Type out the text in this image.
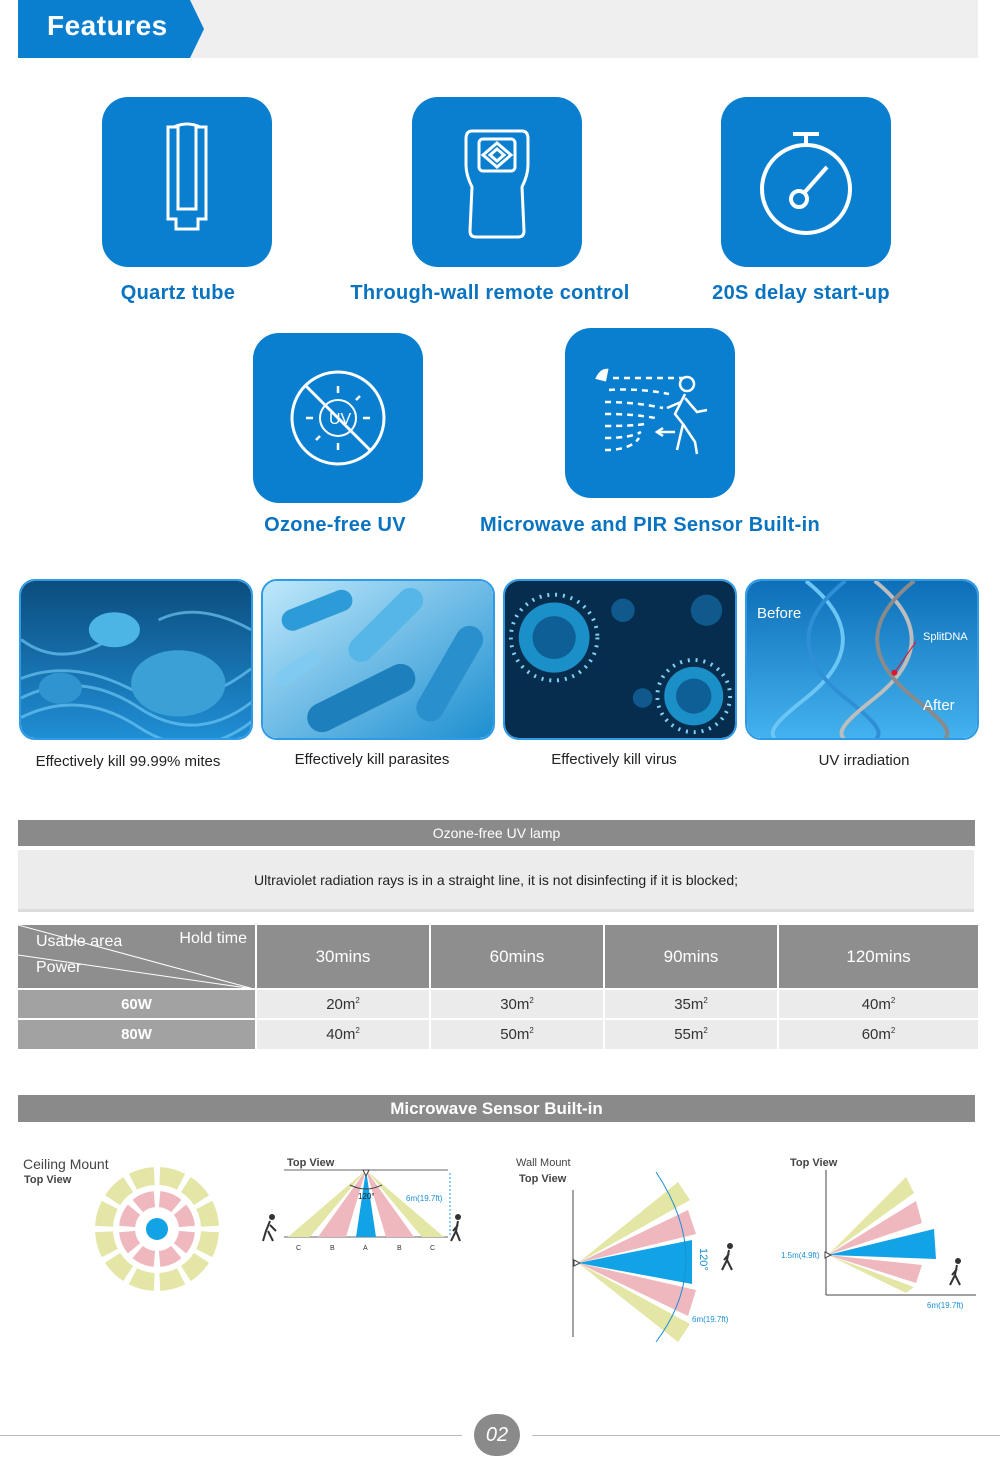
Features
Quartz tube	Through-wall remote control	20S delay start-up
UV
Ozone-free UV	Microwave and PIR Sensor Built-in
Effectively kill 99.99% mites	Effectively kill parasites	Effectively kill virus
Before
SplitDNA
After
UV irradiation
Ozone-free UV lamp
Ultraviolet radiation rays is in a straight line, it is not disinfecting if it is blocked;
Usable area Hold time
Power	30mins	60mins	90mins	120mins
60W	$20m^2$	$30m^2$	$35m^2$	$40m^2$
80W	$40m^2$	$50m^2$	$55m^2$	$60m^2$
Microwave Sensor Built-in
Ceiling Mount
Top View
Top View
120°	6m(19.7ft)
C	B	A	B	C
Wall Mount
Top View
120°
6m(19.7ft)
Top View
1.5m(4.9ft)
6m(19.7ft)
02
